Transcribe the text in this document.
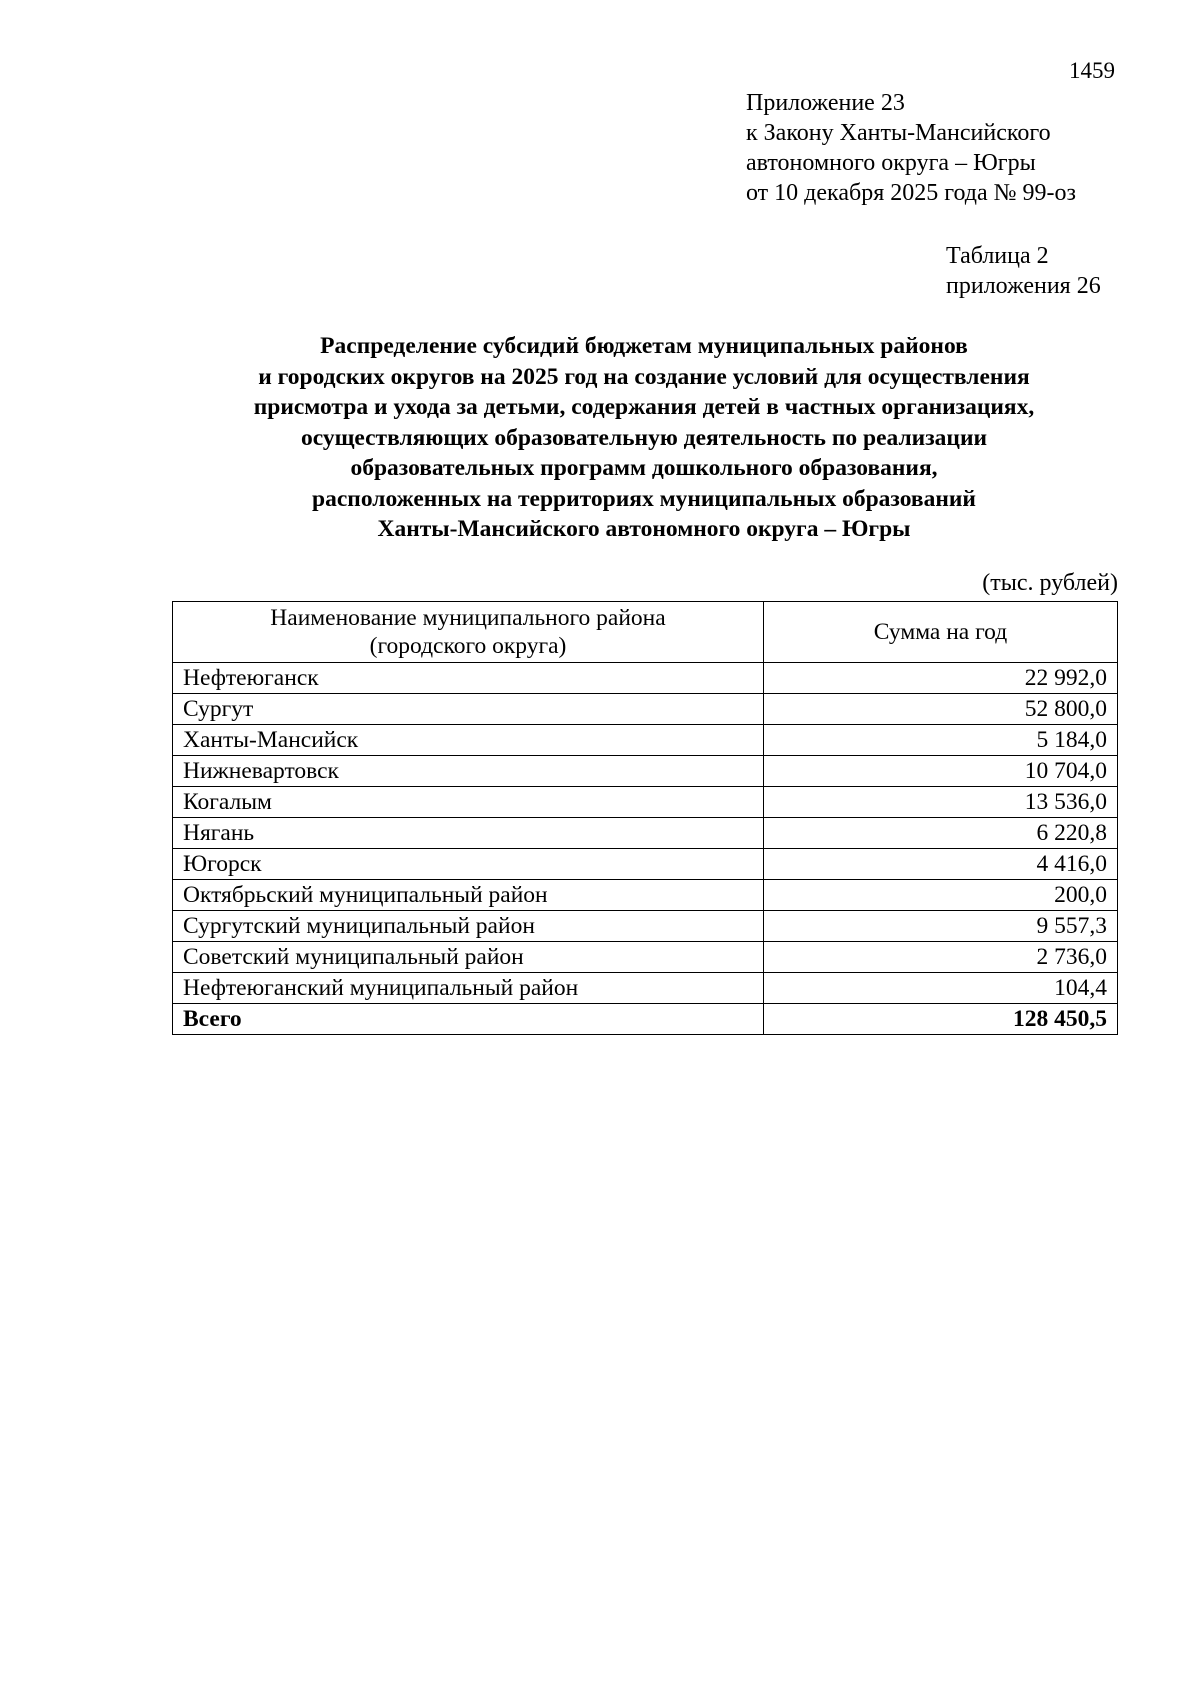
1459
Приложение 23
к Закону Ханты-Мансийского
автономного округа – Югры
от 10 декабря 2025 года № 99-оз
Таблица 2
приложения 26
Распределение субсидий бюджетам муниципальных районов
и городских округов на 2025 год на создание условий для осуществления
присмотра и ухода за детьми, содержания детей в частных организациях,
осуществляющих образовательную деятельность по реализации
образовательных программ дошкольного образования,
расположенных на территориях муниципальных образований
Ханты-Мансийского автономного округа – Югры
(тыс. рублей)
Наименование муниципального района
(городского округа)	Сумма на год
Нефтеюганск	22 992,0
Сургут	52 800,0
Ханты-Мансийск	5 184,0
Нижневартовск	10 704,0
Когалым	13 536,0
Нягань	6 220,8
Югорск	4 416,0
Октябрьский муниципальный район	200,0
Сургутский муниципальный район	9 557,3
Советский муниципальный район	2 736,0
Нефтеюганский муниципальный район	104,4
Всего	128 450,5
